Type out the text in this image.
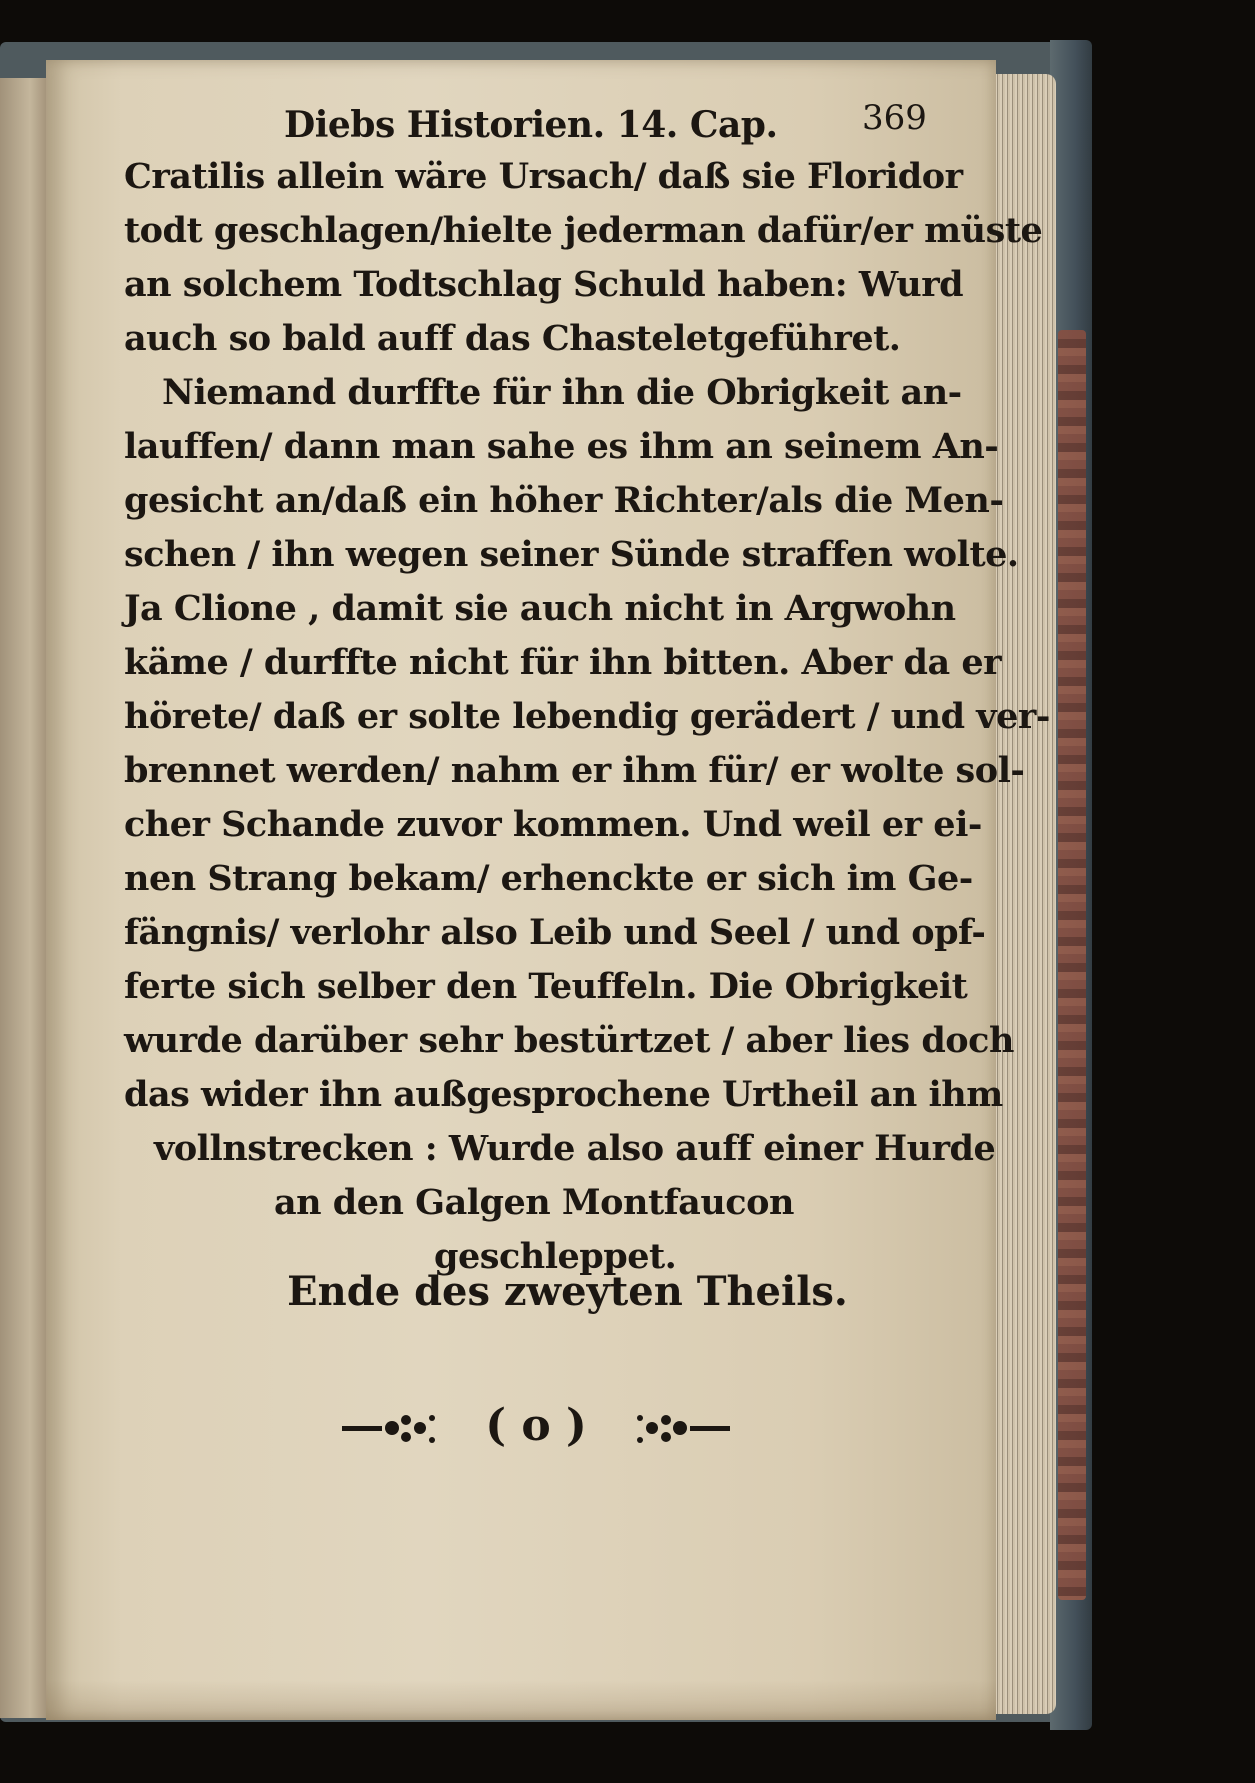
Diebs Historien. 14. Cap. 369
Cratilis allein wäre Ursach/ daß sie Floridor
todt geschlagen/hielte jederman dafür/er müste
an solchem Todtschlag Schuld haben: Wurd
auch so bald auff das Chasteletgeführet.
Niemand durffte für ihn die Obrigkeit an-
lauffen/ dann man sahe es ihm an seinem An-
gesicht an/daß ein höher Richter/als die Men-
schen / ihn wegen seiner Sünde straffen wolte.
Ja Clione , damit sie auch nicht in Argwohn
käme / durffte nicht für ihn bitten. Aber da er
hörete/ daß er solte lebendig gerädert / und ver-
brennet werden/ nahm er ihm für/ er wolte sol-
cher Schande zuvor kommen. Und weil er ei-
nen Strang bekam/ erhenckte er sich im Ge-
fängnis/ verlohr also Leib und Seel / und opf-
ferte sich selber den Teuffeln. Die Obrigkeit
wurde darüber sehr bestürtzet / aber lies doch
das wider ihn außgesprochene Urtheil an ihm
vollnstrecken : Wurde also auff einer Hurde
an den Galgen Montfaucon
geschleppet.
Ende des zweyten Theils.
( o )
